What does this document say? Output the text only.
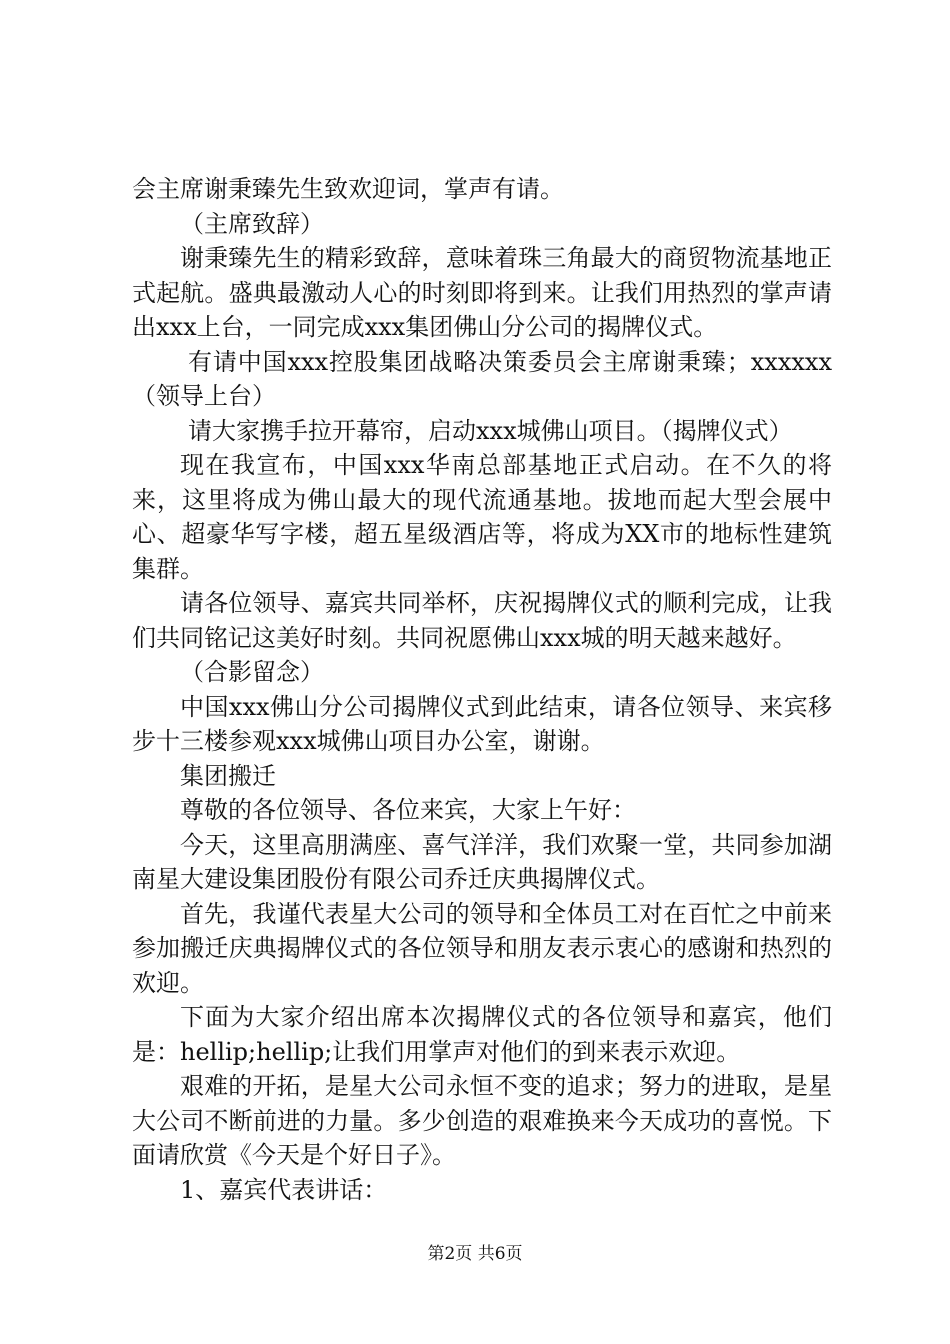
会主席谢秉臻先生致欢迎词，掌声有请。

（主席致辞）

谢秉臻先生的精彩致辞，意味着珠三角最大的商贸物流基地正式起航。盛典最激动人心的时刻即将到来。让我们用热烈的掌声请出xxx上台，一同完成xxx集团佛山分公司的揭牌仪式。

有请中国xxx控股集团战略决策委员会主席谢秉臻；xxxxxx（领导上台）

请大家携手拉开幕帘，启动xxx城佛山项目。（揭牌仪式）

现在我宣布，中国xxx华南总部基地正式启动。在不久的将来，这里将成为佛山最大的现代流通基地。拔地而起大型会展中心、超豪华写字楼，超五星级酒店等，将成为XX市的地标性建筑集群。

请各位领导、嘉宾共同举杯，庆祝揭牌仪式的顺利完成，让我们共同铭记这美好时刻。共同祝愿佛山xxx城的明天越来越好。

（合影留念）

中国xxx佛山分公司揭牌仪式到此结束，请各位领导、来宾移步十三楼参观xxx城佛山项目办公室，谢谢。

集团搬迁

尊敬的各位领导、各位来宾，大家上午好：

今天，这里高朋满座、喜气洋洋，我们欢聚一堂，共同参加湖南星大建设集团股份有限公司乔迁庆典揭牌仪式。

首先，我谨代表星大公司的领导和全体员工对在百忙之中前来参加搬迁庆典揭牌仪式的各位领导和朋友表示衷心的感谢和热烈的欢迎。

下面为大家介绍出席本次揭牌仪式的各位领导和嘉宾，他们是：hellip;hellip;让我们用掌声对他们的到来表示欢迎。

艰难的开拓，是星大公司永恒不变的追求；努力的进取，是星大公司不断前进的力量。多少创造的艰难换来今天成功的喜悦。下面请欣赏《今天是个好日子》。

1、嘉宾代表讲话：

第2页 共6页
